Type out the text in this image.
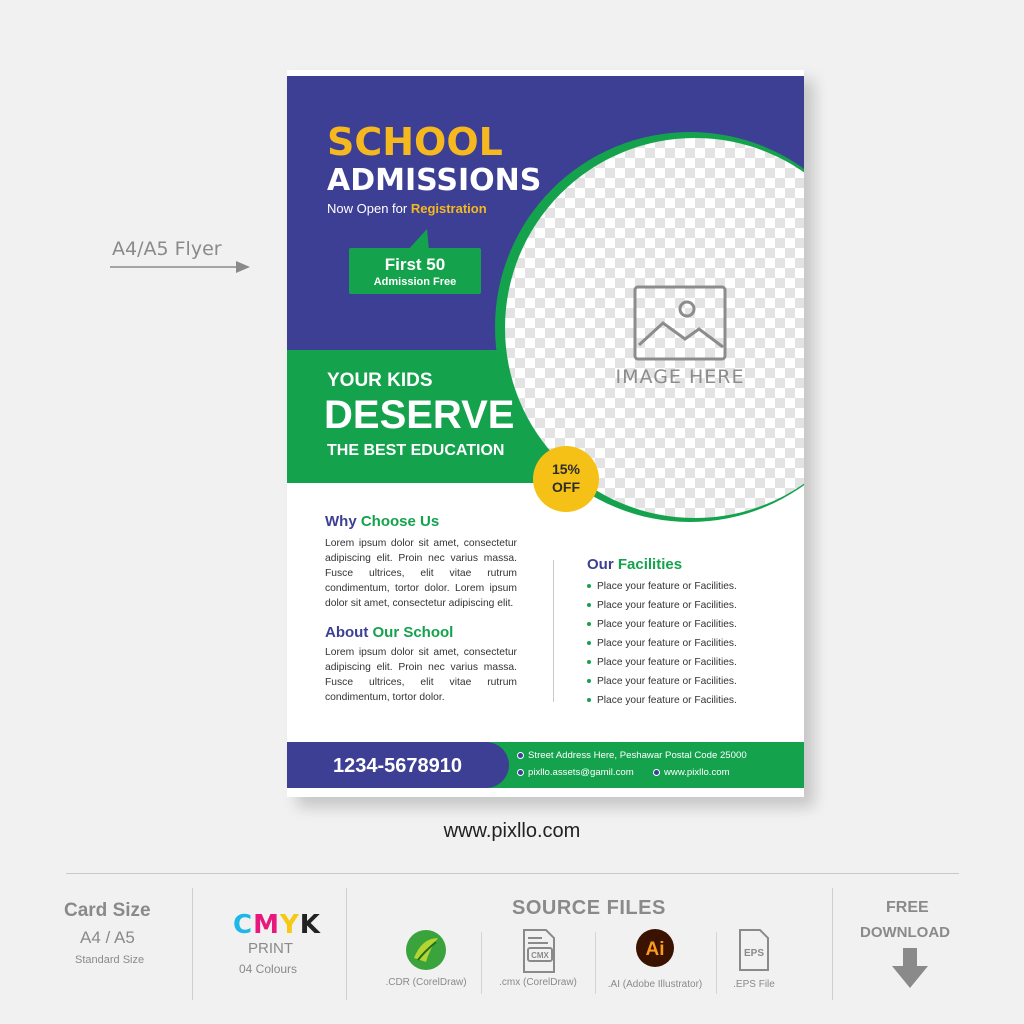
A4/A5 Flyer
IMAGE HERE
SCHOOL
ADMISSIONS
Now Open for Registration
First 50
Admission Free
YOUR KIDS
DESERVE
THE BEST EDUCATION
15%
OFF
Why Choose Us
Lorem ipsum dolor sit amet, consectetur adipiscing elit. Proin nec varius massa. Fusce ultrices, elit vitae rutrum condimentum, tortor dolor. Lorem ipsum dolor sit amet, consectetur adipiscing elit.
About Our School
Lorem ipsum dolor sit amet, consectetur adipiscing elit. Proin nec varius massa. Fusce ultrices, elit vitae rutrum condimentum, tortor dolor.
Our Facilities
Place your feature or Facilities.
Place your feature or Facilities.
Place your feature or Facilities.
Place your feature or Facilities.
Place your feature or Facilities.
Place your feature or Facilities.
Place your feature or Facilities.
1234-5678910	Street Address Here, Peshawar Postal Code 25000
pixllo.assets@gamil.com	www.pixllo.com
www.pixllo.com
Card Size
A4 / A5
Standard Size
CMYK
PRINT
04 Colours
SOURCE FILES
.CDR (CorelDraw)
CMX
.cmx (CorelDraw)
Ai
.AI (Adobe Illustrator)
EPS
.EPS File
FREE
DOWNLOAD
